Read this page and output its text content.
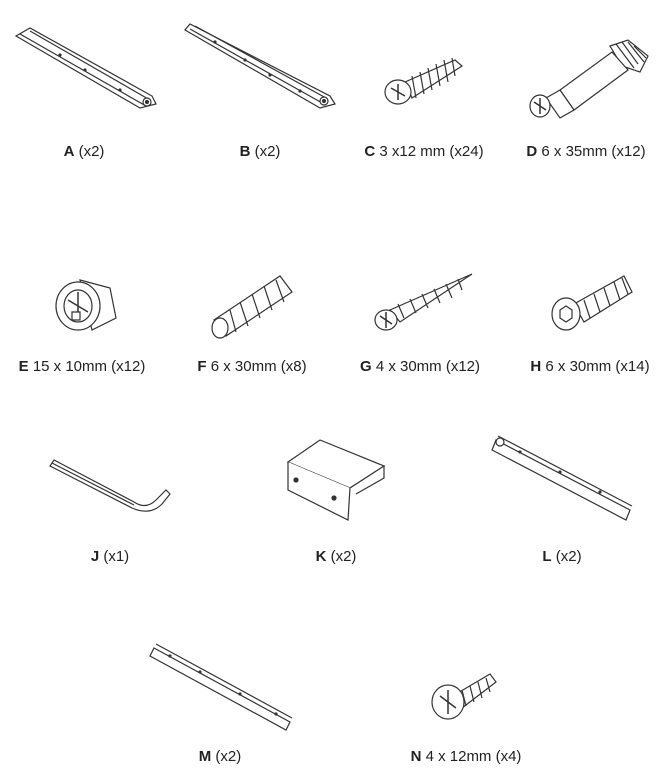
A (x2)	B (x2)	C 3 x12 mm (x24)	D 6 x 35mm (x12)
E 15 x 10mm (x12)	F 6 x 30mm (x8)	G 4 x 30mm (x12)	H 6 x 30mm (x14)
J (x1)	K (x2)	L (x2)
M (x2)	N 4 x 12mm (x4)
